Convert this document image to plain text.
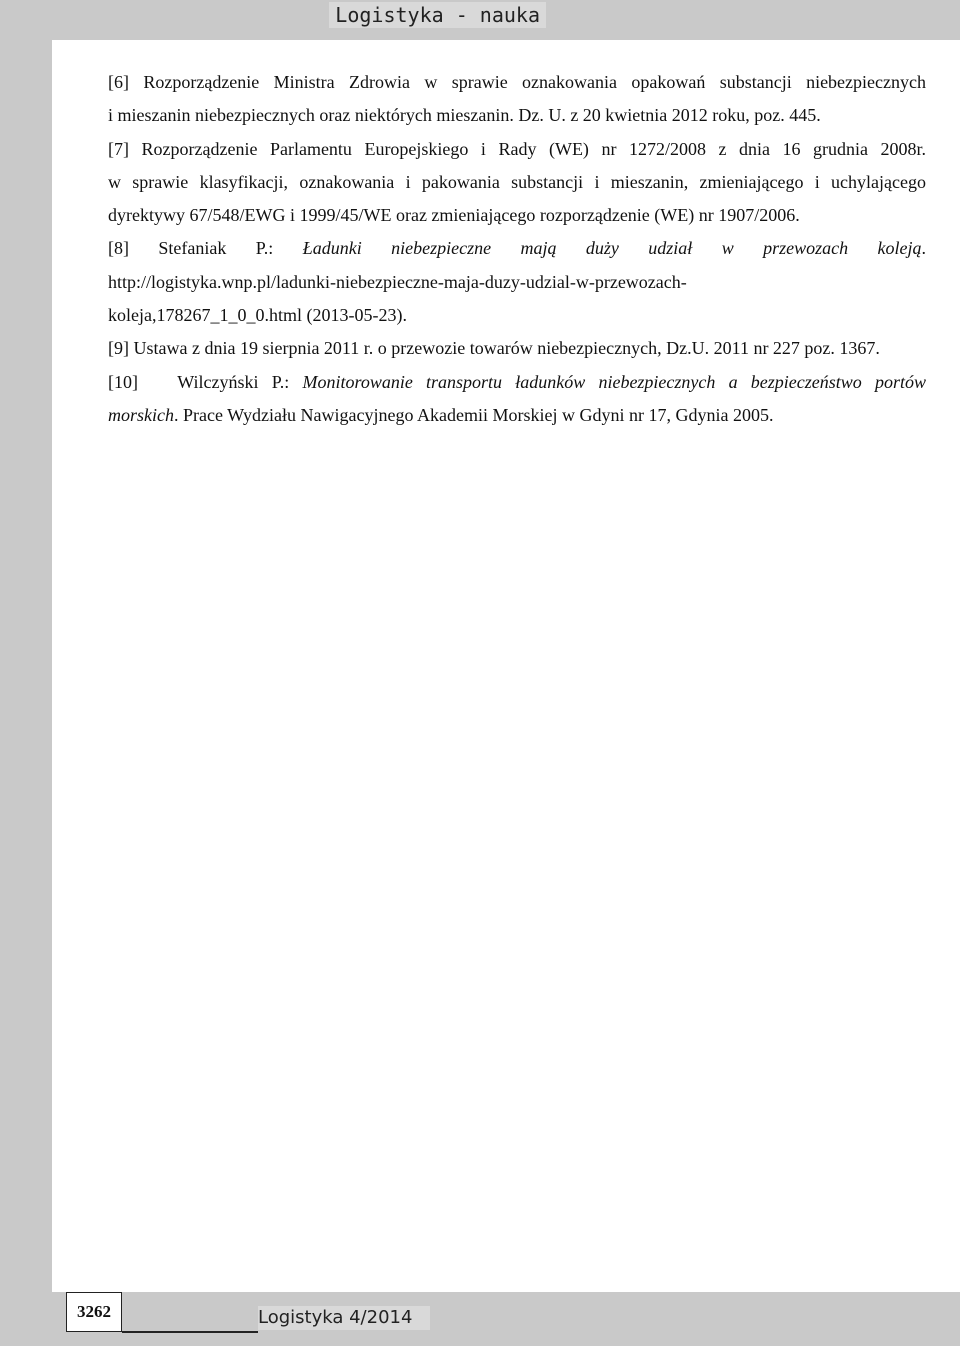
Logistyka - nauka

[6] Rozporządzenie Ministra Zdrowia w sprawie oznakowania opakowań substancji niebezpiecznych
i mieszanin niebezpiecznych oraz niektórych mieszanin. Dz. U. z 20 kwietnia 2012 roku, poz. 445.

[7] Rozporządzenie Parlamentu Europejskiego i Rady (WE) nr 1272/2008 z dnia 16 grudnia 2008r.
w sprawie klasyfikacji, oznakowania i pakowania substancji i mieszanin, zmieniającego i uchylającego
dyrektywy 67/548/EWG i 1999/45/WE oraz zmieniającego rozporządzenie (WE) nr 1907/2006.

[8] Stefaniak P.: Ładunki niebezpieczne mają duży udział w przewozach koleją.
http://logistyka.wnp.pl/ladunki-niebezpieczne-maja-duzy-udzial-w-przewozach-
koleja,178267_1_0_0.html (2013-05-23).

[9] Ustawa z dnia 19 sierpnia 2011 r. o przewozie towarów niebezpiecznych, Dz.U. 2011 nr 227 poz. 1367.

[10]   Wilczyński P.: Monitorowanie transportu ładunków niebezpiecznych a bezpieczeństwo portów
morskich. Prace Wydziału Nawigacyjnego Akademii Morskiej w Gdyni nr 17, Gdynia 2005.

3262	Logistyka 4/2014
